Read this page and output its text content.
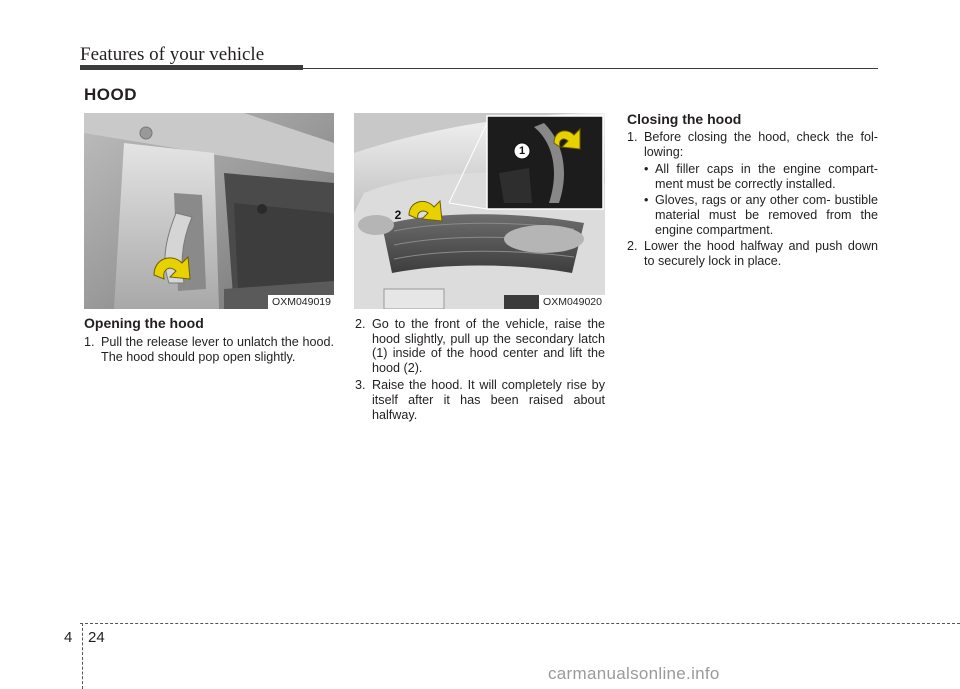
Features of your vehicle
HOOD
OXM049019
1
2
OXM049020
Opening the hood
1. Pull the release lever to unlatch the hood. The hood should pop open slightly.
2. Go to the front of the vehicle, raise the hood slightly, pull up the secondary latch (1) inside of the hood center and lift the hood (2).
3. Raise the hood. It will completely rise by itself after it has been raised about halfway.
Closing the hood
1. Before closing the hood, check the fol- lowing:
• All filler caps in the engine compart- ment must be correctly installed.
• Gloves, rags or any other com- bustible material must be removed from the engine compartment.
2. Lower the hood halfway and push down to securely lock in place.
4 24
carmanualsonline.info
